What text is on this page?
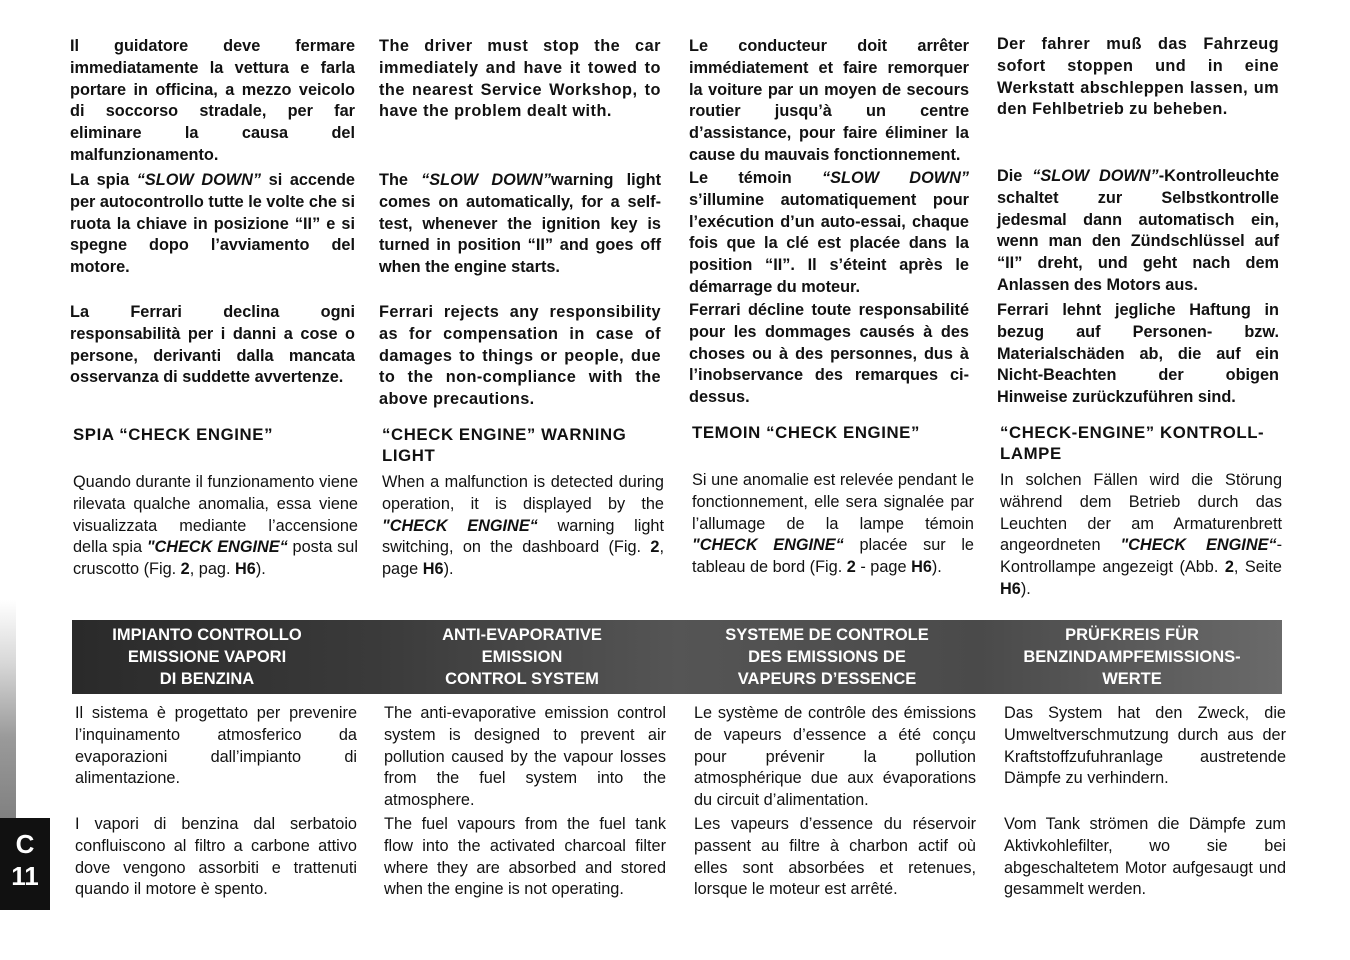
Il guidatore deve fermare immediatamente la vettura e farla portare in officina, a mezzo veicolo di soccorso stradale, per far eliminare la causa del malfunzionamento.

La spia “SLOW DOWN” si accende per autocontrollo tutte le volte che si ruota la chiave in posizione “II” e si spegne dopo l’avviamento del motore.

La Ferrari declina ogni responsabilità per i danni a cose o persone, derivanti dalla mancata osservanza di suddette avvertenze.

SPIA “CHECK ENGINE”

Quando durante il funzionamento viene rilevata qualche anomalia, essa viene visualizzata mediante l’accensione della spia "CHECK ENGINE“ posta sul cruscotto (Fig. 2, pag. H6).

The driver must stop the car immediately and have it towed to the nearest Service Workshop, to have the problem dealt with.

The “SLOW DOWN”warning light comes on automatically, for a self-test, whenever the ignition key is turned in position “II” and goes off when the engine starts.

Ferrari rejects any responsibility as for compensation in case of damages to things or people, due to the non-compliance with the above precautions.

“CHECK ENGINE” WARNING LIGHT

When a malfunction is detected during operation, it is displayed by the "CHECK ENGINE“ warning light switching, on the dashboard (Fig. 2, page H6).

Le conducteur doit arrêter immédiatement et faire remorquer la voiture par un moyen de secours routier jusqu’à un centre d’assistance, pour faire éliminer la cause du mauvais fonctionnement.

Le témoin “SLOW DOWN” s’illumine automatiquement pour l’exécution d’un auto-essai, chaque fois que la clé est placée dans la position “II”. Il s’éteint après le démarrage du moteur.

Ferrari décline toute responsabilité pour les dommages causés à des choses ou à des personnes, dus à l’inobservance des remarques ci-dessus.

TEMOIN “CHECK ENGINE”

Si une anomalie est relevée pendant le fonctionnement, elle sera signalée par l’allumage de la lampe témoin "CHECK ENGINE“ placée sur le tableau de bord (Fig. 2 - page H6).

Der fahrer muß das Fahrzeug sofort stoppen und in eine Werkstatt abschleppen lassen, um den Fehlbetrieb zu beheben.

Die “SLOW DOWN”-Kontrolleuchte schaltet zur Selbstkontrolle jedesmal dann automatisch ein, wenn man den Zündschlüssel auf “II” dreht, und geht nach dem Anlassen des Motors aus.

Ferrari lehnt jegliche Haftung in bezug auf Personen- bzw. Materialschäden ab, die auf ein Nicht-Beachten der obigen Hinweise zurückzuführen sind.

“CHECK-ENGINE” KONTROLL-LAMPE

In solchen Fällen wird die Störung während dem Betrieb durch das Leuchten der am Armaturenbrett angeordneten "CHECK ENGINE“-Kontrollampe angezeigt (Abb. 2, Seite H6).

IMPIANTO CONTROLLO
EMISSIONE VAPORI
DI BENZINA
ANTI-EVAPORATIVE
EMISSION
CONTROL SYSTEM
SYSTEME DE CONTROLE
DES EMISSIONS DE
VAPEURS D’ESSENCE
PRÜFKREIS FÜR
BENZINDAMPFEMISSIONS-
WERTE

Il sistema è progettato per prevenire l’inquinamento atmosferico da evaporazioni dall’impianto di alimentazione.

I vapori di benzina dal serbatoio confluiscono al filtro a carbone attivo dove vengono assorbiti e trattenuti quando il motore è spento.

The anti-evaporative emission control system is designed to prevent air pollution caused by the vapour losses from the fuel system into the atmosphere.

The fuel vapours from the fuel tank flow into the activated charcoal filter where they are absorbed and stored when the engine is not operating.

Le système de contrôle des émissions de vapeurs d’essence a été conçu pour prévenir la pollution atmosphérique due aux évaporations du circuit d’alimentation.

Les vapeurs d’essence du réservoir passent au filtre à charbon actif où elles sont absorbées et retenues, lorsque le moteur est arrêté.

Das System hat den Zweck, die Umweltverschmutzung durch aus der Kraftstoffzufuhranlage austretende Dämpfe zu verhindern.

Vom Tank strömen die Dämpfe zum Aktivkohlefilter, wo sie bei abgeschaltetem Motor aufgesaugt und gesammelt werden.

C
11
